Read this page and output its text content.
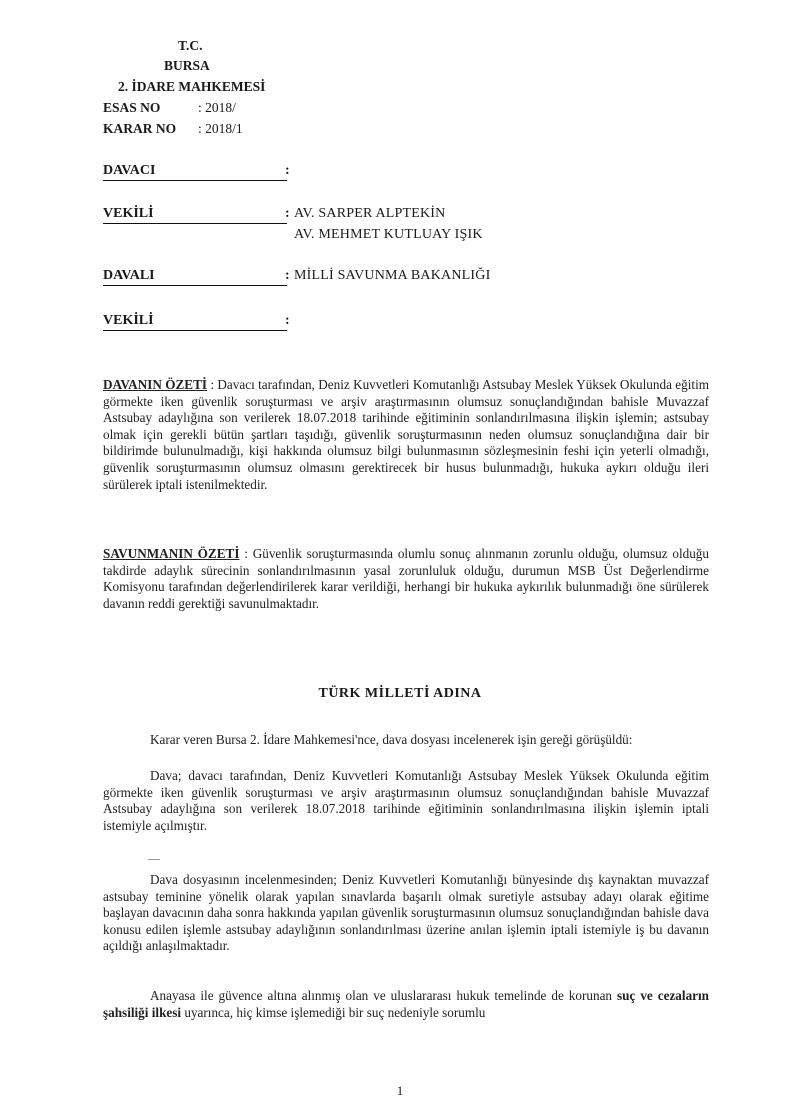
T.C.
BURSA
2. İDARE MAHKEMESİ
ESAS NO	: 2018/
KARAR NO : 2018/1
DAVACI	:
VEKİLİ	: AV. SARPER ALPTEKİN
AV. MEHMET KUTLUAY IŞIK
DAVALI	: MİLLİ SAVUNMA BAKANLIĞI
VEKİLİ	:
DAVANIN ÖZETİ : Davacı tarafından, Deniz Kuvvetleri Komutanlığı Astsubay Meslek Yüksek Okulunda eğitim görmekte iken güvenlik soruşturması ve arşiv araştırmasının olumsuz sonuçlandığından bahisle Muvazzaf Astsubay adaylığına son verilerek 18.07.2018 tarihinde eğitiminin sonlandırılmasına ilişkin işlemin; astsubay olmak için gerekli bütün şartları taşıdığı, güvenlik soruşturmasının neden olumsuz sonuçlandığına dair bir bildirimde bulunulmadığı, kişi hakkında olumsuz bilgi bulunmasının sözleşmesinin feshi için yeterli olmadığı, güvenlik soruşturmasının olumsuz olmasını gerektirecek bir husus bulunmadığı, hukuka aykırı olduğu ileri sürülerek iptali istenilmektedir.
SAVUNMANIN ÖZETİ : Güvenlik soruşturmasında olumlu sonuç alınmanın zorunlu olduğu, olumsuz olduğu takdirde adaylık sürecinin sonlandırılmasının yasal zorunluluk olduğu, durumun MSB Üst Değerlendirme Komisyonu tarafından değerlendirilerek karar verildiği, herhangi bir hukuka aykırılık bulunmadığı öne sürülerek davanın reddi gerektiği savunulmaktadır.
TÜRK MİLLETİ ADINA
Karar veren Bursa 2. İdare Mahkemesi'nce, dava dosyası incelenerek işin gereği görüşüldü:
Dava; davacı tarafından, Deniz Kuvvetleri Komutanlığı Astsubay Meslek Yüksek Okulunda eğitim görmekte iken güvenlik soruşturması ve arşiv araştırmasının olumsuz sonuçlandığından bahisle Muvazzaf Astsubay adaylığına son verilerek 18.07.2018 tarihinde eğitiminin sonlandırılmasına ilişkin işlemin iptali istemiyle açılmıştır.
—
Dava dosyasının incelenmesinden; Deniz Kuvvetleri Komutanlığı bünyesinde dış kaynaktan muvazzaf astsubay teminine yönelik olarak yapılan sınavlarda başarılı olmak suretiyle astsubay adayı olarak eğitime başlayan davacının daha sonra hakkında yapılan güvenlik soruşturmasının olumsuz sonuçlandığından bahisle dava konusu edilen işlemle astsubay adaylığının sonlandırılması üzerine anılan işlemin iptali istemiyle iş bu davanın açıldığı anlaşılmaktadır.
Anayasa ile güvence altına alınmış olan ve uluslararası hukuk temelinde de korunan suç ve cezaların şahsiliği ilkesi uyarınca, hiç kimse işlemediği bir suç nedeniyle sorumlu
1
